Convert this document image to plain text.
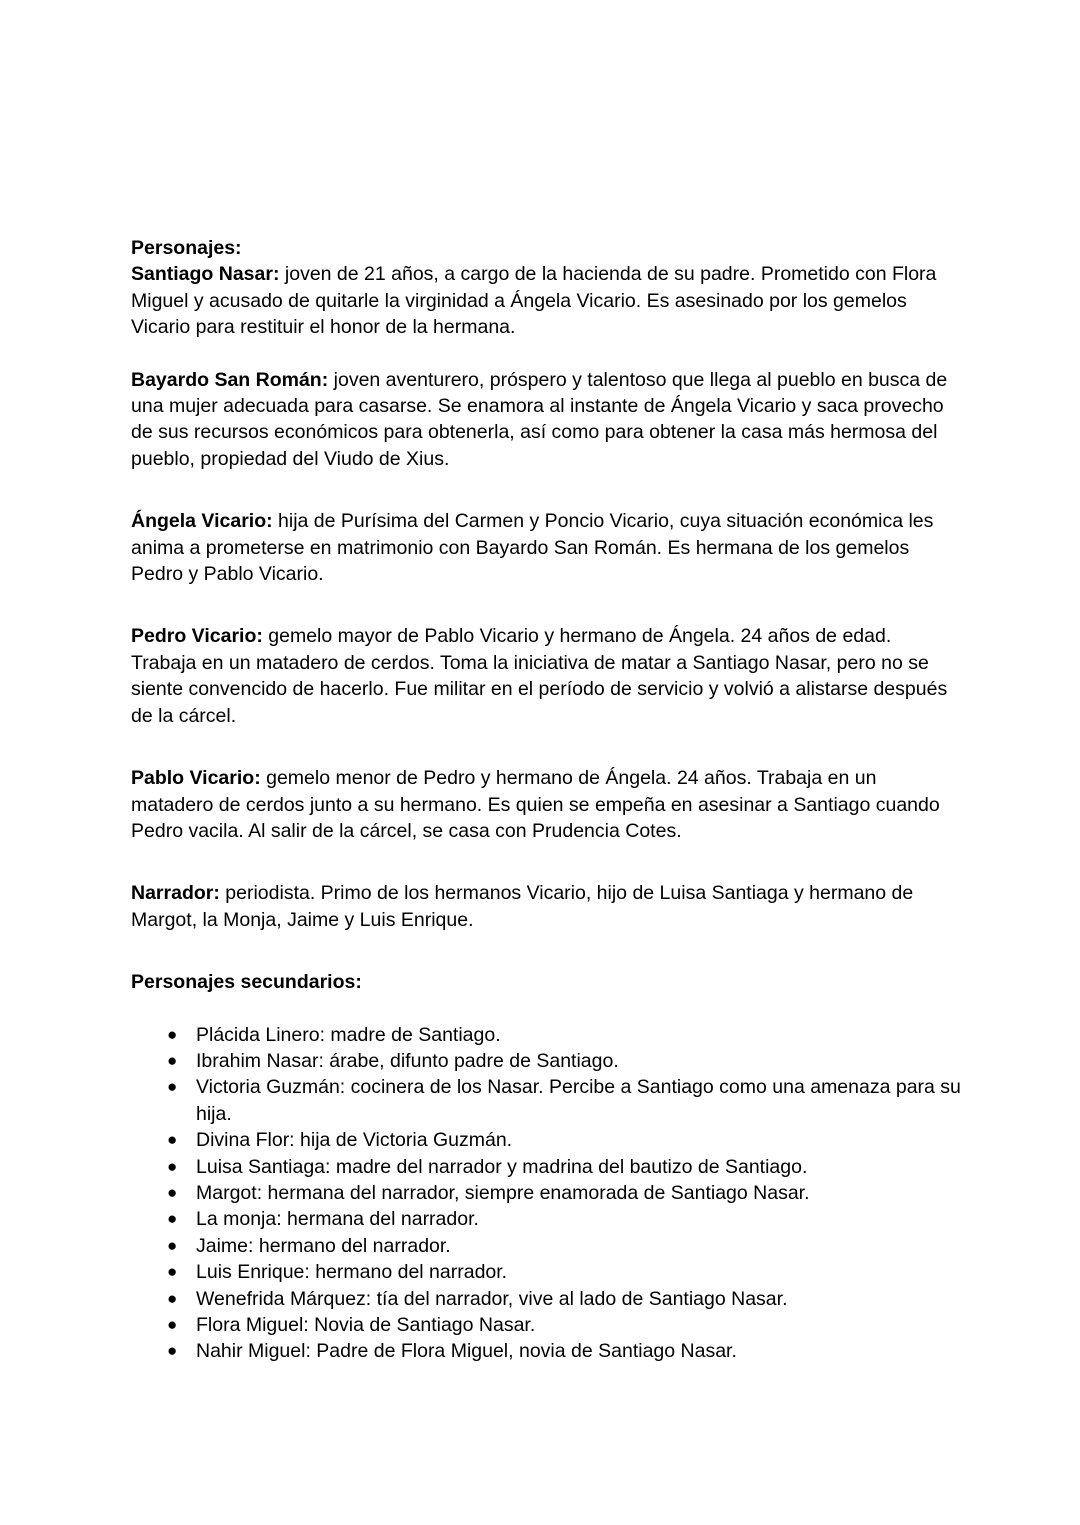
Personajes:

Santiago Nasar: joven de 21 años, a cargo de la hacienda de su padre. Prometido con Flora Miguel y acusado de quitarle la virginidad a Ángela Vicario. Es asesinado por los gemelos Vicario para restituir el honor de la hermana.

Bayardo San Román: joven aventurero, próspero y talentoso que llega al pueblo en busca de una mujer adecuada para casarse. Se enamora al instante de Ángela Vicario y saca provecho de sus recursos económicos para obtenerla, así como para obtener la casa más hermosa del pueblo, propiedad del Viudo de Xius.

Ángela Vicario: hija de Purísima del Carmen y Poncio Vicario, cuya situación económica les anima a prometerse en matrimonio con Bayardo San Román. Es hermana de los gemelos Pedro y Pablo Vicario.

Pedro Vicario: gemelo mayor de Pablo Vicario y hermano de Ángela. 24 años de edad. Trabaja en un matadero de cerdos. Toma la iniciativa de matar a Santiago Nasar, pero no se siente convencido de hacerlo. Fue militar en el período de servicio y volvió a alistarse después de la cárcel.

Pablo Vicario: gemelo menor de Pedro y hermano de Ángela. 24 años. Trabaja en un matadero de cerdos junto a su hermano. Es quien se empeña en asesinar a Santiago cuando Pedro vacila. Al salir de la cárcel, se casa con Prudencia Cotes.

Narrador: periodista. Primo de los hermanos Vicario, hijo de Luisa Santiaga y hermano de Margot, la Monja, Jaime y Luis Enrique.

Personajes secundarios:

● Plácida Linero: madre de Santiago.
● Ibrahim Nasar: árabe, difunto padre de Santiago.
● Victoria Guzmán: cocinera de los Nasar. Percibe a Santiago como una amenaza para su hija.
● Divina Flor: hija de Victoria Guzmán.
● Luisa Santiaga: madre del narrador y madrina del bautizo de Santiago.
● Margot: hermana del narrador, siempre enamorada de Santiago Nasar.
● La monja: hermana del narrador.
● Jaime: hermano del narrador.
● Luis Enrique: hermano del narrador.
● Wenefrida Márquez: tía del narrador, vive al lado de Santiago Nasar.
● Flora Miguel: Novia de Santiago Nasar.
● Nahir Miguel: Padre de Flora Miguel, novia de Santiago Nasar.
